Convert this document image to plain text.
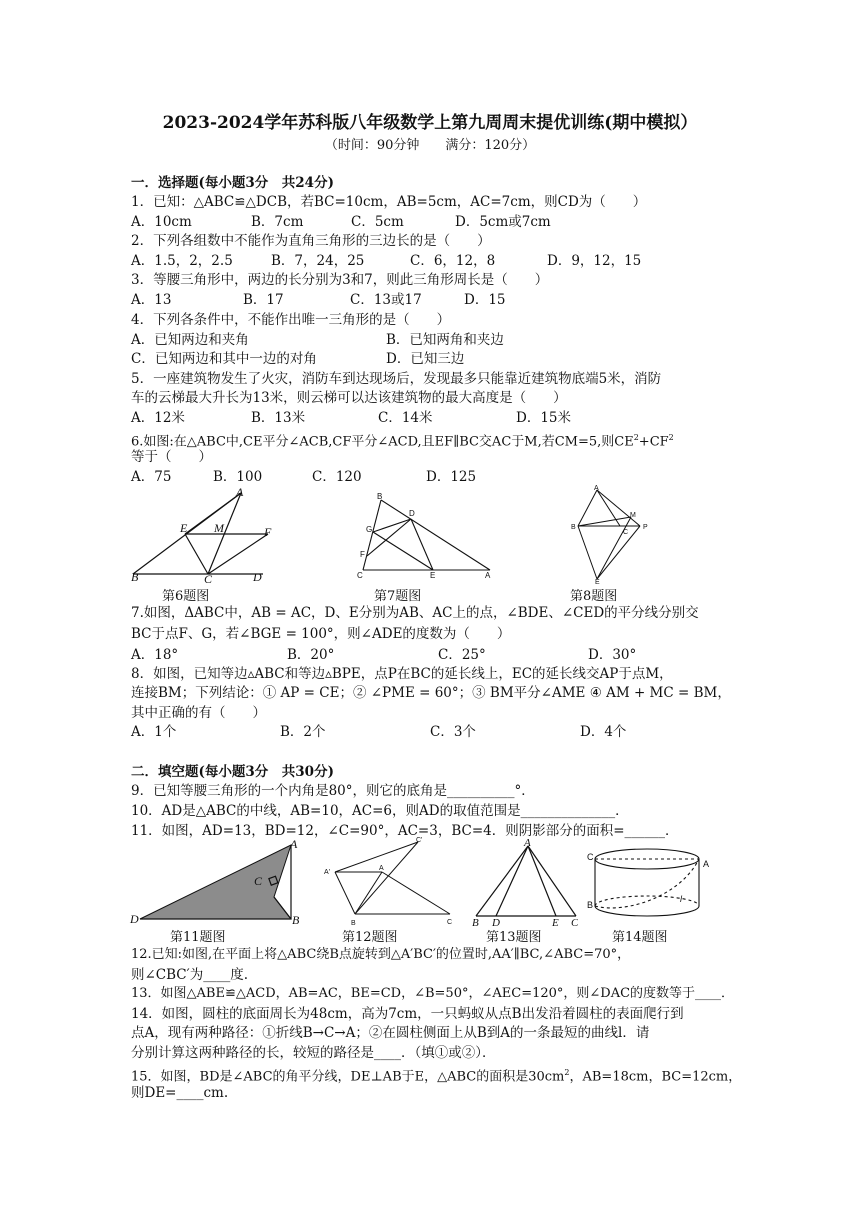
2023-2024学年苏科版八年级数学上第九周周末提优训练(期中模拟）
（时间：90分钟　　满分：120分）
一．选择题(每小题3分　共24分)
1．已知：△ABC≌△DCB，若BC=10cm，AB=5cm，AC=7cm，则CD为（　　）
A．10cm	B．7cm	C．5cm	D．5cm或7cm
2．下列各组数中不能作为直角三角形的三边长的是（　　）
A．1.5，2，2.5	B．7，24，25	C．6，12，8	D．9，12，15
3．等腰三角形中，两边的长分别为3和7，则此三角形周长是（　　）
A．13	B．17	C．13或17	D．15
4．下列各条件中，不能作出唯一三角形的是（　　）
A．已知两边和夹角	B．已知两角和夹边
C．已知两边和其中一边的对角	D．已知三边
5．一座建筑物发生了火灾，消防车到达现场后，发现最多只能靠近建筑物底端5米，消防
车的云梯最大升长为13米，则云梯可以达该建筑物的最大高度是（　　）
A．12米	B．13米	C．14米	D．15米
6.如图:在△ABC中,CE平分∠ACB,CF平分∠ACD,且EF∥BC交AC于M,若CM=5,则$CE^2+CF^2$
等于（　　）
A．75	B．100	C．120	D．125
A
E M	F
B	C	D
B
D
G
F
C	E	A
A
M
B
C
P
E
第6题图	第7题图	第8题图
7.如图，ΔABC中，AB = AC，D、E分别为AB、AC上的点，∠BDE、∠CED的平分线分别交
BC于点F、G，若∠BGE = 100°，则∠ADE的度数为（　　）
A．18°	B．20°	C．25°	D．30°
8．如图，已知等边▵ABC和等边▵BPE，点P在BC的延长线上，EC的延长线交AP于点M，
连接BM；下列结论：① AP = CE；② ∠PME = 60°；③ BM平分∠AME ④ AM + MC = BM，
其中正确的有（　　）
A．1个	B．2个	C．3个	D．4个
二．填空题(每小题3分　共30分)
9．已知等腰三角形的一个内角是80°，则它的底角是__________°．
10．AD是△ABC的中线，AB=10，AC=6，则AD的取值范围是______________．
11．如图，AD=13，BD=12，∠C=90°，AC=3，BC=4．则阴影部分的面积=______．
A
C
D	B
C'
A'
A
B	C
A
B D	E C
C
A
B
l
第11题图	第12题图	第13题图	第14题图
12.已知:如图,在平面上将△ABC绕B点旋转到△A′BC′的位置时,AA′∥BC,∠ABC=70°，
则∠CBC′为____度.
13．如图△ABE≌△ACD，AB=AC，BE=CD，∠B=50°，∠AEC=120°，则∠DAC的度数等于____．
14．如图，圆柱的底面周长为48cm，高为7cm，一只蚂蚁从点B出发沿着圆柱的表面爬行到
点A，现有两种路径：①折线B→C→A；②在圆柱侧面上从B到A的一条最短的曲线l．请
分别计算这两种路径的长，较短的路径是____．（填①或②）．
15．如图，BD是∠ABC的角平分线，DE⊥AB于E，△ABC的面积是$30cm^2$，AB=18cm，BC=12cm，
则DE=____cm.
